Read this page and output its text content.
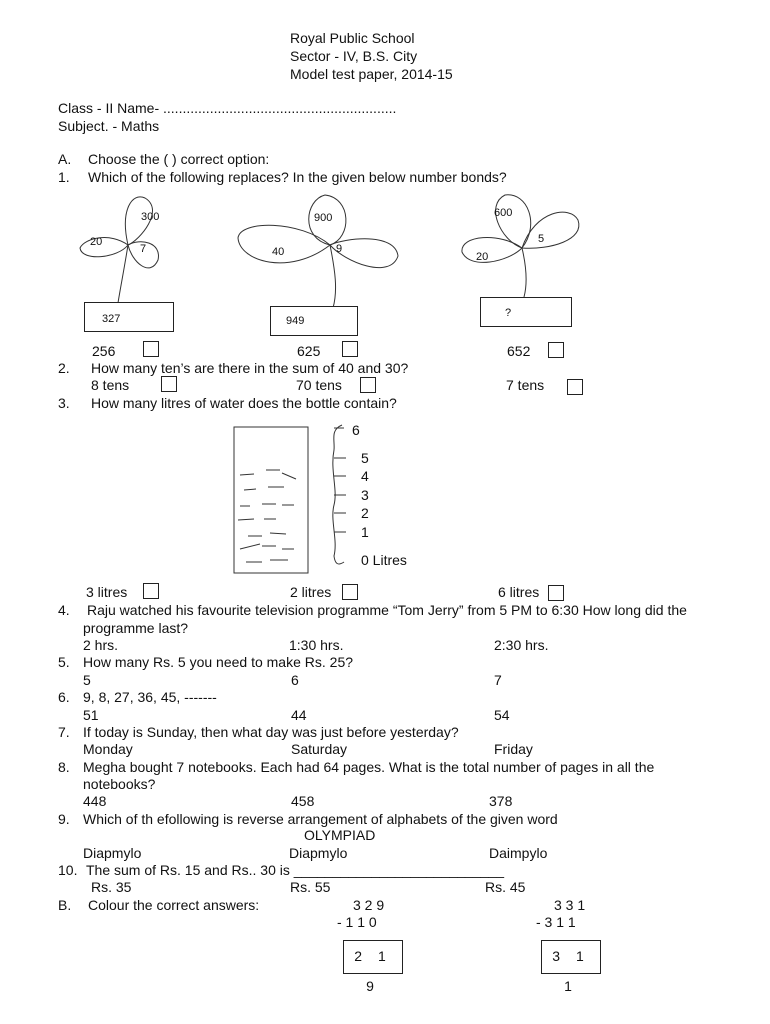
Royal Public School
Sector - IV, B.S. City
Model test paper, 2014-15
Class - II Name- ............................................................
Subject. - Maths
A. Choose the ( ) correct option:
1. Which of the following replaces? In the given below number bonds?
300
20
7
327
900
40	9
949
600
20
5
?
256	625	652
2. How many ten’s are there in the sum of 40 and 30?
8 tens	70 tens	7 tens
3. How many litres of water does the bottle contain?
6
5
4
3
2
1
0 Litres
3 litres	2 litres	6 litres
4. Raju watched his favourite television programme “Tom Jerry” from 5 PM to 6:30 How long did the
programme last?
2 hrs.	1:30 hrs.	2:30 hrs.
5. How many Rs. 5 you need to make Rs. 25?
5	6	7
6. 9, 8, 27, 36, 45, -------
51	44	54
7. If today is Sunday, then what day was just before yesterday?
Monday	Saturday	Friday
8. Megha bought 7 notebooks. Each had 64 pages. What is the total number of pages in all the
notebooks?
448	458	378
9. Which of th efollowing is reverse arrangement of alphabets of the given word
OLYMPIAD
Diapmylo	Diapmylo	Daimpylo
10. The sum of Rs. 15 and Rs.. 30 is ___________________________
Rs. 35	Rs. 55	Rs. 45
B. Colour the correct answers:	3 2 9
- 1 1 0
3 3 1
- 3 1 1
2 1 9
3 1 1
